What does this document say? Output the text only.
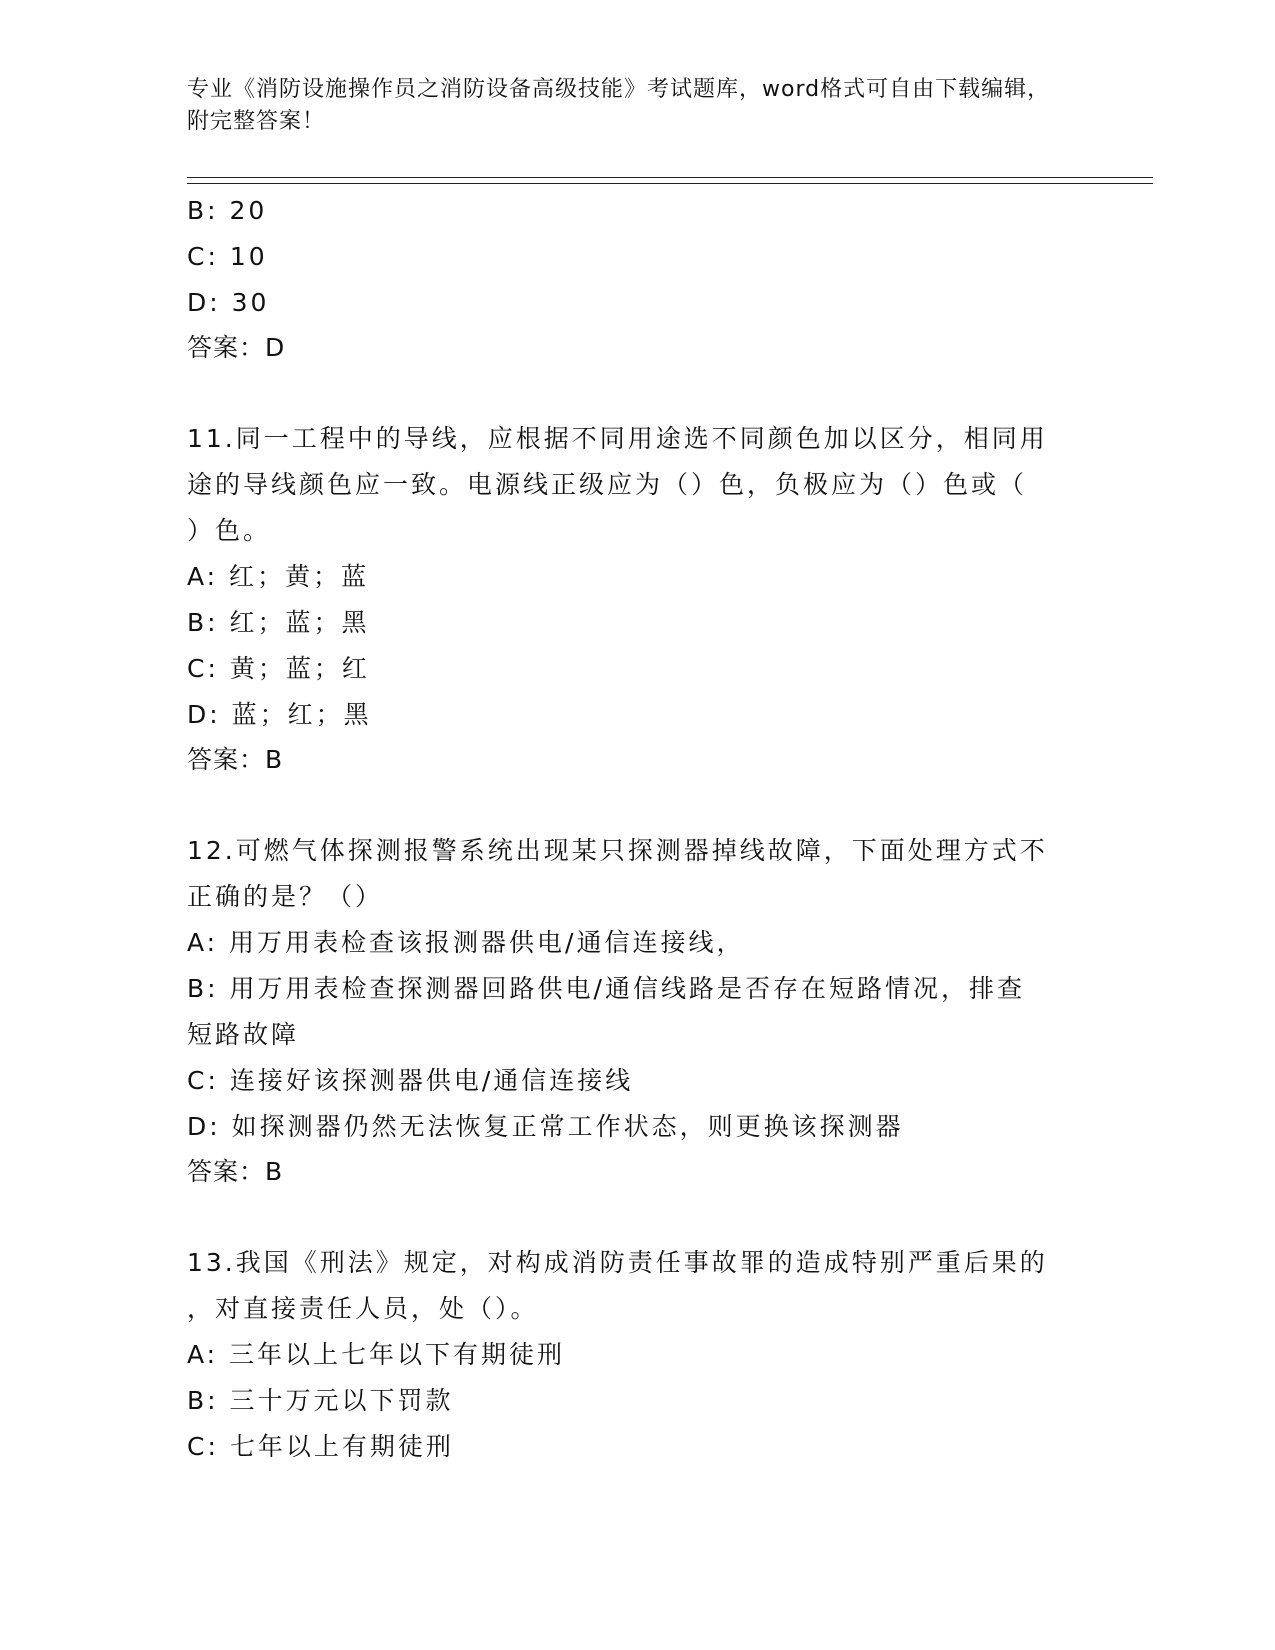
专业《消防设施操作员之消防设备高级技能》考试题库，word格式可自由下载编辑，附完整答案！
B: 20
C: 10
D: 30
答案：D
11.同一工程中的导线，应根据不同用途选不同颜色加以区分，相同用
途的导线颜色应一致。电源线正级应为（）色，负极应为（）色或（
）色。
A: 红；黄；蓝
B: 红；蓝；黑
C: 黄；蓝；红
D: 蓝；红；黑
答案：B
12.可燃气体探测报警系统出现某只探测器掉线故障，下面处理方式不
正确的是？（）
A: 用万用表检查该报测器供电/通信连接线，
B: 用万用表检查探测器回路供电/通信线路是否存在短路情况，排查
短路故障
C: 连接好该探测器供电/通信连接线
D: 如探测器仍然无法恢复正常工作状态，则更换该探测器
答案：B
13.我国《刑法》规定，对构成消防责任事故罪的造成特别严重后果的
，对直接责任人员，处（）。
A: 三年以上七年以下有期徒刑
B: 三十万元以下罚款
C: 七年以上有期徒刑
